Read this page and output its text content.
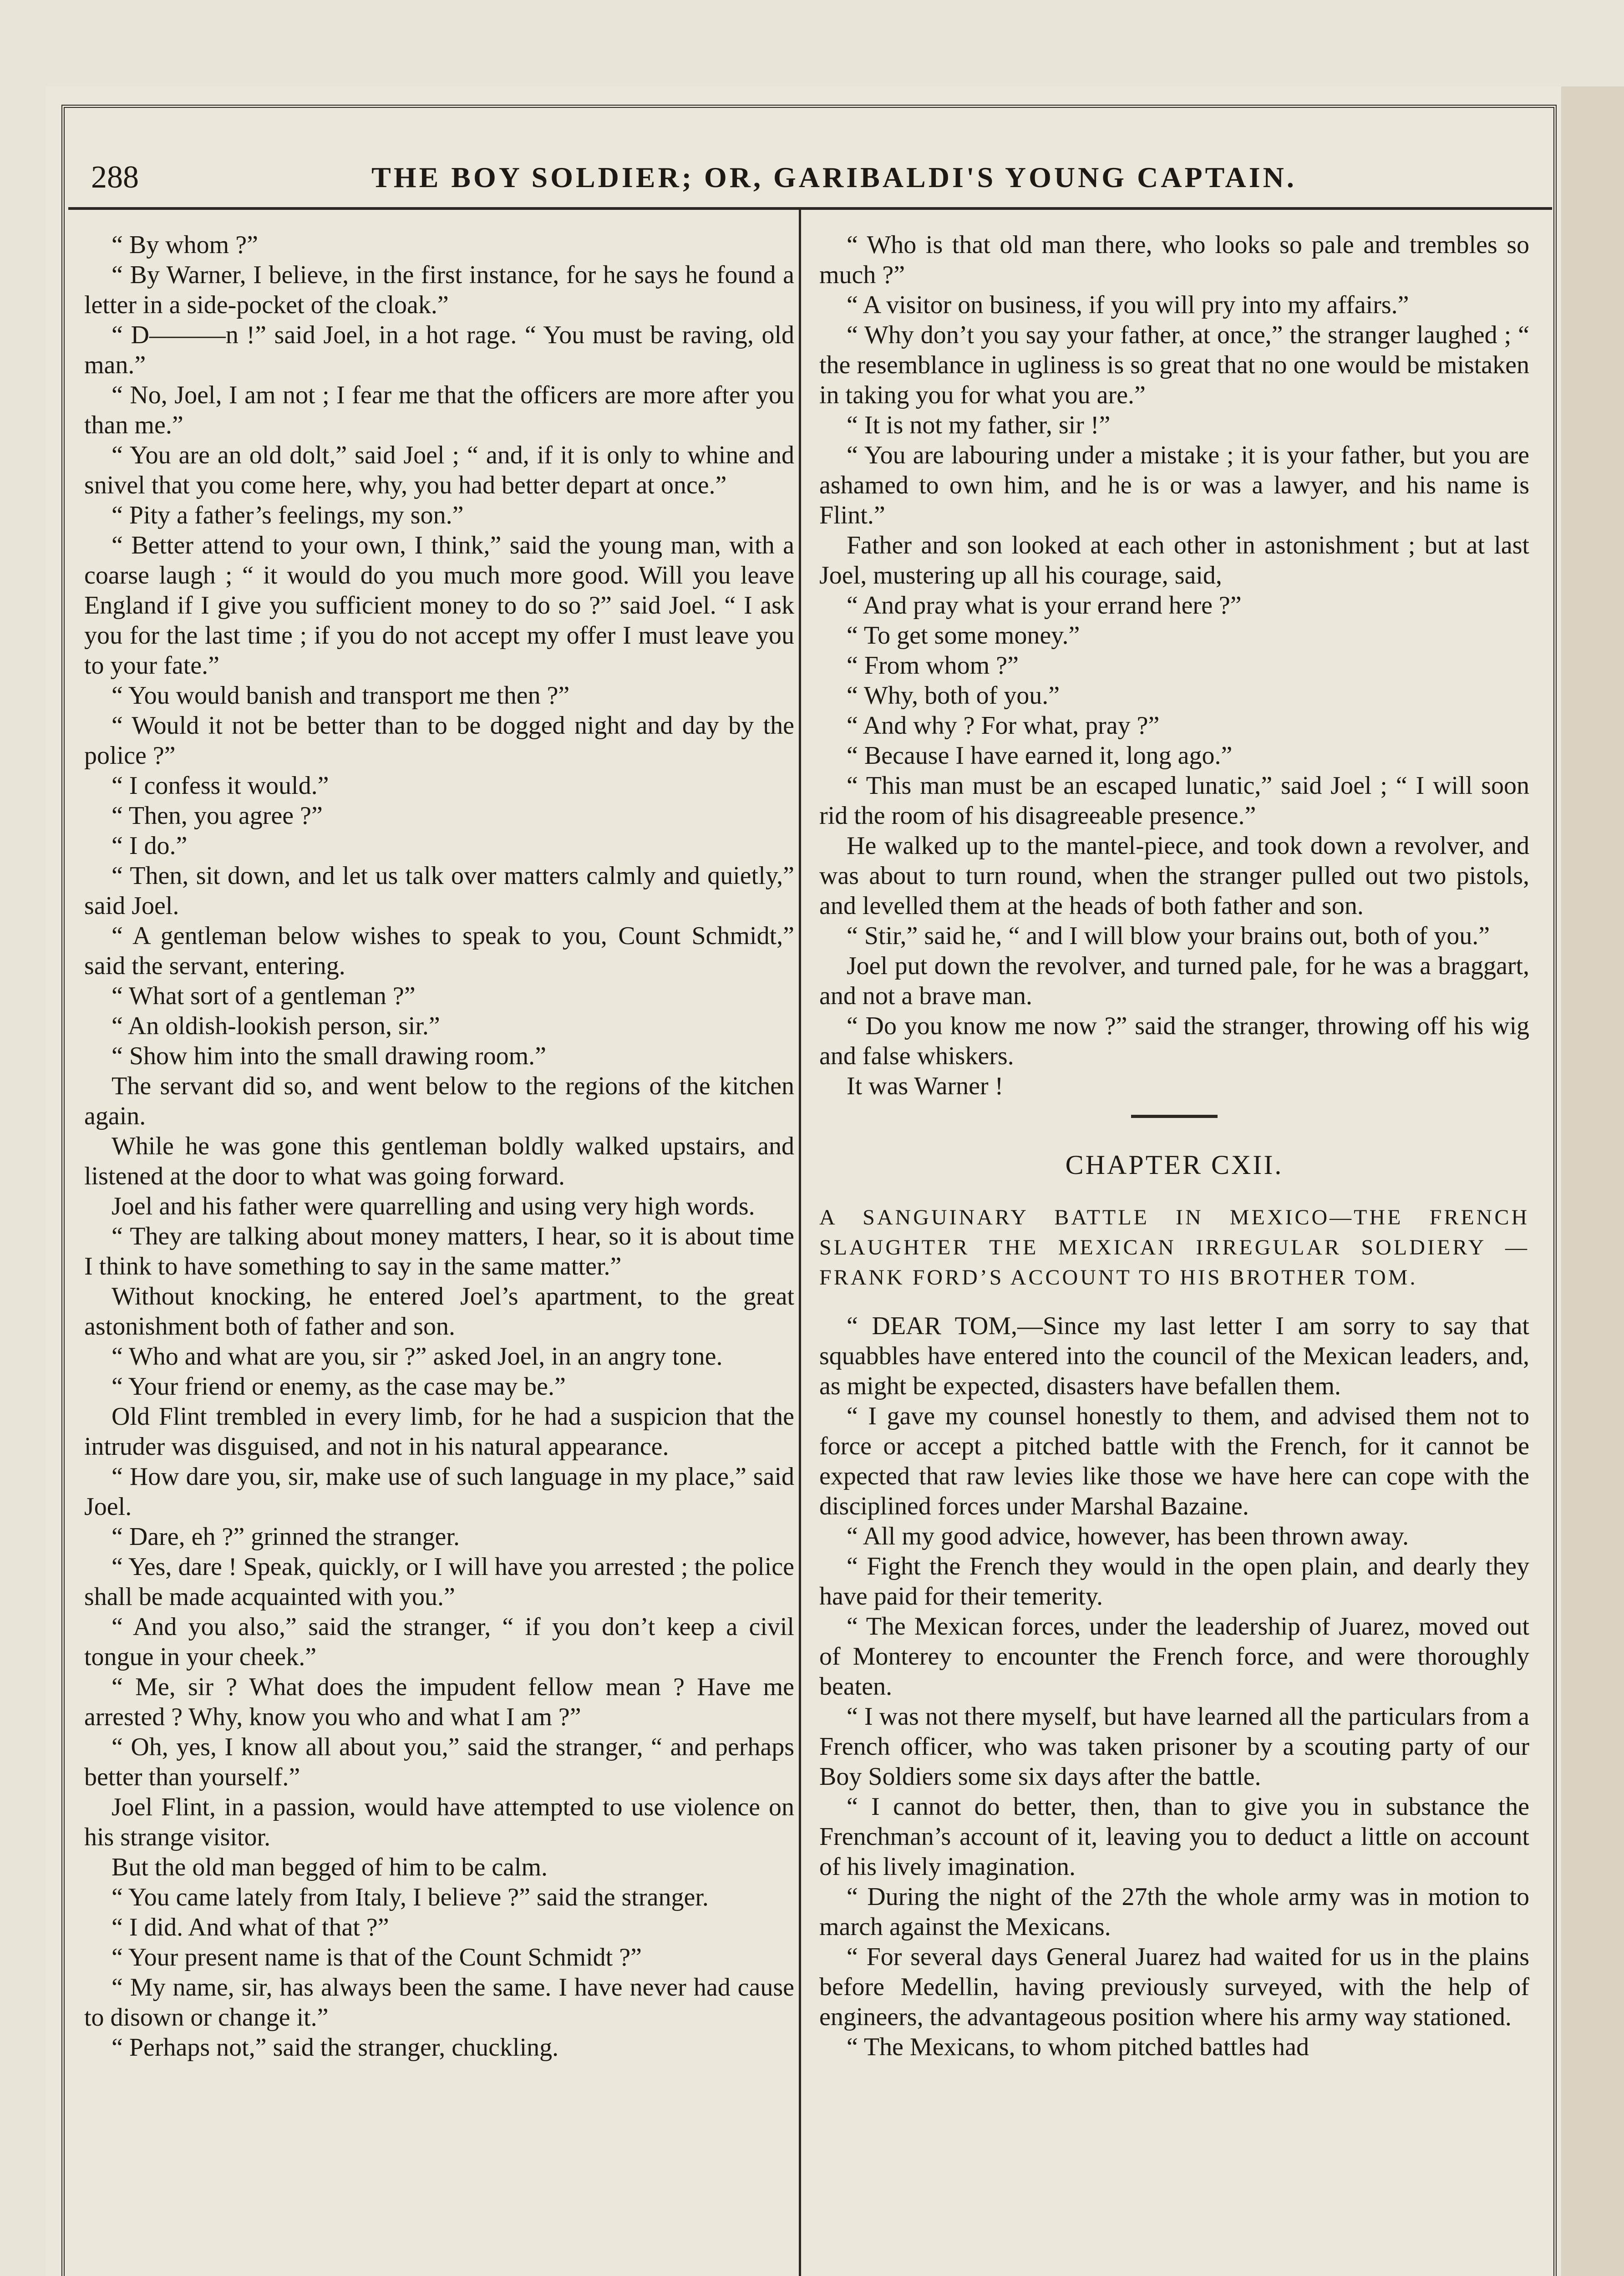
288	THE BOY SOLDIER; OR, GARIBALDI'S YOUNG CAPTAIN.

“ By whom ?”

“ By Warner, I believe, in the first instance, for he says he found a letter in a side-pocket of the cloak.”

“ D———n !” said Joel, in a hot rage. “ You must be raving, old man.”

“ No, Joel, I am not ; I fear me that the officers are more after you than me.”

“ You are an old dolt,” said Joel ; “ and, if it is only to whine and snivel that you come here, why, you had better depart at once.”

“ Pity a father’s feelings, my son.”

“ Better attend to your own, I think,” said the young man, with a coarse laugh ; “ it would do you much more good. Will you leave England if I give you sufficient money to do so ?” said Joel. “ I ask you for the last time ; if you do not accept my offer I must leave you to your fate.”

“ You would banish and transport me then ?”

“ Would it not be better than to be dogged night and day by the police ?”

“ I confess it would.”

“ Then, you agree ?”

“ I do.”

“ Then, sit down, and let us talk over matters calmly and quietly,” said Joel.

“ A gentleman below wishes to speak to you, Count Schmidt,” said the servant, entering.

“ What sort of a gentleman ?”

“ An oldish-lookish person, sir.”

“ Show him into the small drawing room.”

The servant did so, and went below to the regions of the kitchen again.

While he was gone this gentleman boldly walked upstairs, and listened at the door to what was going forward.

Joel and his father were quarrelling and using very high words.

“ They are talking about money matters, I hear, so it is about time I think to have something to say in the same matter.”

Without knocking, he entered Joel’s apartment, to the great astonishment both of father and son.

“ Who and what are you, sir ?” asked Joel, in an angry tone.

“ Your friend or enemy, as the case may be.”

Old Flint trembled in every limb, for he had a suspicion that the intruder was disguised, and not in his natural appearance.

“ How dare you, sir, make use of such language in my place,” said Joel.

“ Dare, eh ?” grinned the stranger.

“ Yes, dare ! Speak, quickly, or I will have you arrested ; the police shall be made acquainted with you.”

“ And you also,” said the stranger, “ if you don’t keep a civil tongue in your cheek.”

“ Me, sir ? What does the impudent fellow mean ? Have me arrested ? Why, know you who and what I am ?”

“ Oh, yes, I know all about you,” said the stranger, “ and perhaps better than yourself.”

Joel Flint, in a passion, would have attempted to use violence on his strange visitor.

But the old man begged of him to be calm.

“ You came lately from Italy, I believe ?” said the stranger.

“ I did. And what of that ?”

“ Your present name is that of the Count Schmidt ?”

“ My name, sir, has always been the same. I have never had cause to disown or change it.”

“ Perhaps not,” said the stranger, chuckling.

“ Who is that old man there, who looks so pale and trembles so much ?”

“ A visitor on business, if you will pry into my affairs.”

“ Why don’t you say your father, at once,” the stranger laughed ; “ the resemblance in ugliness is so great that no one would be mistaken in taking you for what you are.”

“ It is not my father, sir !”

“ You are labouring under a mistake ; it is your father, but you are ashamed to own him, and he is or was a lawyer, and his name is Flint.”

Father and son looked at each other in astonishment ; but at last Joel, mustering up all his courage, said,

“ And pray what is your errand here ?”

“ To get some money.”

“ From whom ?”

“ Why, both of you.”

“ And why ? For what, pray ?”

“ Because I have earned it, long ago.”

“ This man must be an escaped lunatic,” said Joel ; “ I will soon rid the room of his disagreeable presence.”

He walked up to the mantel-piece, and took down a revolver, and was about to turn round, when the stranger pulled out two pistols, and levelled them at the heads of both father and son.

“ Stir,” said he, “ and I will blow your brains out, both of you.”

Joel put down the revolver, and turned pale, for he was a braggart, and not a brave man.

“ Do you know me now ?” said the stranger, throwing off his wig and false whiskers.

It was Warner !

CHAPTER CXII.
A SANGUINARY BATTLE IN MEXICO—THE FRENCH SLAUGHTER THE MEXICAN IRREGULAR SOLDIERY — FRANK FORD’S ACCOUNT TO HIS BROTHER TOM.

“ DEAR TOM,—Since my last letter I am sorry to say that squabbles have entered into the council of the Mexican leaders, and, as might be expected, disasters have befallen them.

“ I gave my counsel honestly to them, and advised them not to force or accept a pitched battle with the French, for it cannot be expected that raw levies like those we have here can cope with the disciplined forces under Marshal Bazaine.

“ All my good advice, however, has been thrown away.

“ Fight the French they would in the open plain, and dearly they have paid for their temerity.

“ The Mexican forces, under the leadership of Juarez, moved out of Monterey to encounter the French force, and were thoroughly beaten.

“ I was not there myself, but have learned all the particulars from a French officer, who was taken prisoner by a scouting party of our Boy Soldiers some six days after the battle.

“ I cannot do better, then, than to give you in substance the Frenchman’s account of it, leaving you to deduct a little on account of his lively imagination.

“ During the night of the 27th the whole army was in motion to march against the Mexicans.

“ For several days General Juarez had waited for us in the plains before Medellin, having previously surveyed, with the help of engineers, the advantageous position where his army way stationed.

“ The Mexicans, to whom pitched battles had
